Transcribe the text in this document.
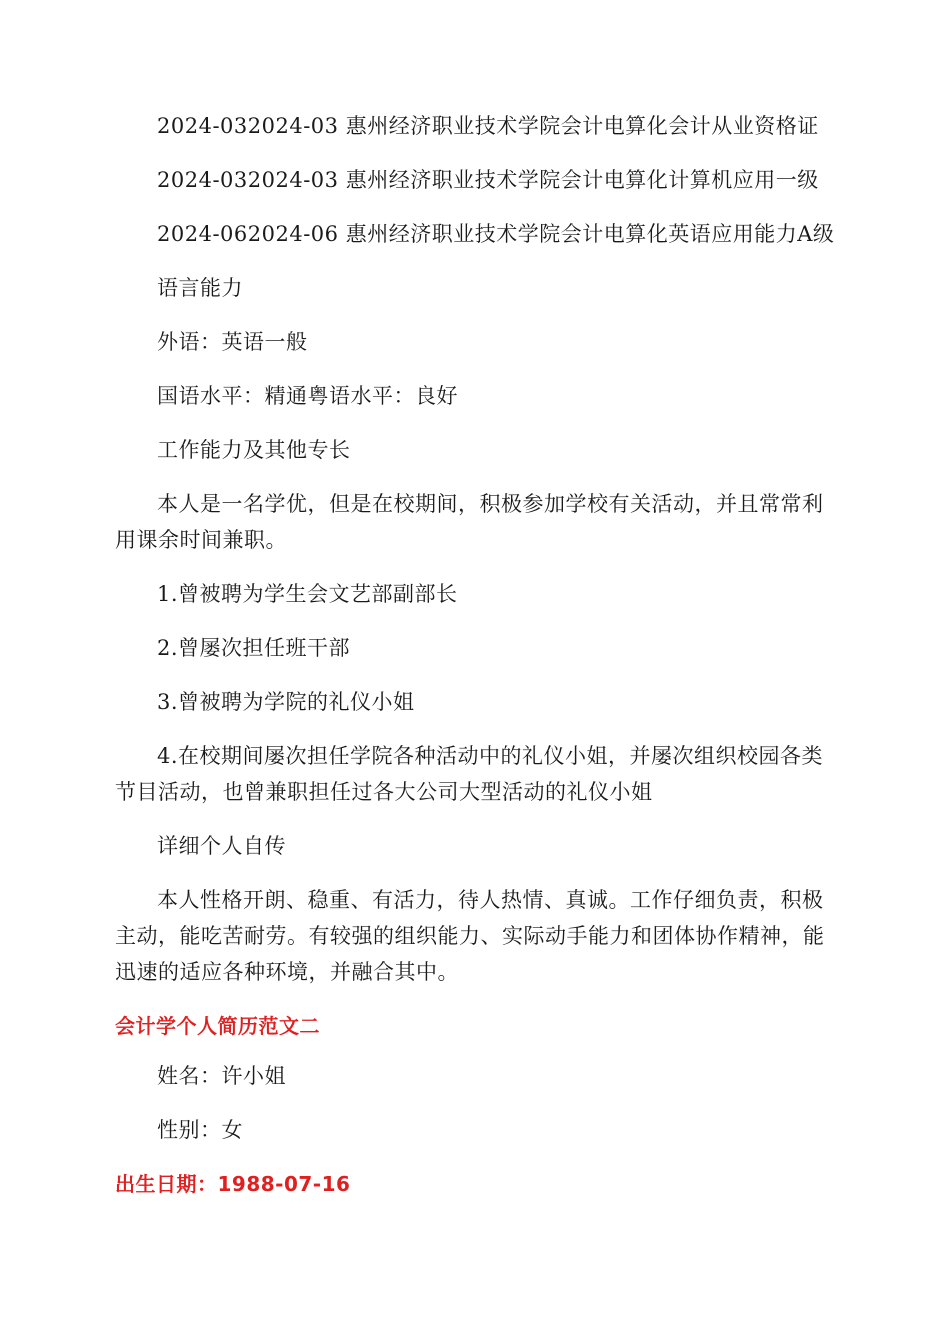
2024-032024-03 惠州经济职业技术学院会计电算化会计从业资格证

2024-032024-03 惠州经济职业技术学院会计电算化计算机应用一级

2024-062024-06 惠州经济职业技术学院会计电算化英语应用能力A级

语言能力

外语：英语一般

国语水平：精通粤语水平：良好

工作能力及其他专长

本人是一名学优，但是在校期间，积极参加学校有关活动，并且常常利用课余时间兼职。

1.曾被聘为学生会文艺部副部长

2.曾屡次担任班干部

3.曾被聘为学院的礼仪小姐

4.在校期间屡次担任学院各种活动中的礼仪小姐，并屡次组织校园各类节目活动，也曾兼职担任过各大公司大型活动的礼仪小姐

详细个人自传

本人性格开朗、稳重、有活力，待人热情、真诚。工作仔细负责，积极主动，能吃苦耐劳。有较强的组织能力、实际动手能力和团体协作精神，能迅速的适应各种环境，并融合其中。

会计学个人简历范文二

姓名：许小姐

性别：女

出生日期：1988-07-16
